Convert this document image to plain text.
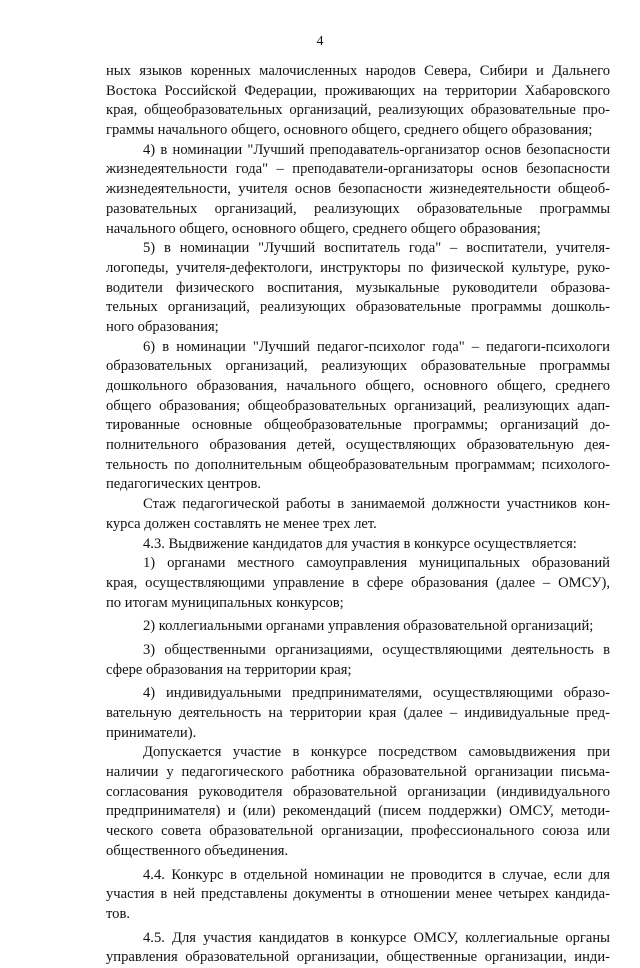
4
ных языков коренных малочисленных народов Севера, Сибири и Дальнего
Востока Российской Федерации, проживающих на территории Хабаровского
края, общеобразовательных организаций, реализующих образовательные про-
граммы начального общего, основного общего, среднего общего образования;
4) в номинации "Лучший преподаватель-организатор основ безопасности
жизнедеятельности года" – преподаватели-организаторы основ безопасности
жизнедеятельности, учителя основ безопасности жизнедеятельности общеоб-
разовательных организаций, реализующих образовательные программы
начального общего, основного общего, среднего общего образования;
5) в номинации "Лучший воспитатель года" – воспитатели, учителя-
логопеды, учителя-дефектологи, инструкторы по физической культуре, руко-
водители физического воспитания, музыкальные руководители образова-
тельных организаций, реализующих образовательные программы дошколь-
ного образования;
6) в номинации "Лучший педагог-психолог года" – педагоги-психологи
образовательных организаций, реализующих образовательные программы
дошкольного образования, начального общего, основного общего, среднего
общего образования; общеобразовательных организаций, реализующих адап-
тированные основные общеобразовательные программы; организаций до-
полнительного образования детей, осуществляющих образовательную дея-
тельность по дополнительным общеобразовательным программам; психолого-
педагогических центров.
Стаж педагогической работы в занимаемой должности участников кон-
курса должен составлять не менее трех лет.
4.3. Выдвижение кандидатов для участия в конкурсе осуществляется:
1) органами местного самоуправления муниципальных образований
края, осуществляющими управление в сфере образования (далее – ОМСУ),
по итогам муниципальных конкурсов;
2) коллегиальными органами управления образовательной организаций;
3) общественными организациями, осуществляющими деятельность в
сфере образования на территории края;
4) индивидуальными предпринимателями, осуществляющими образо-
вательную деятельность на территории края (далее – индивидуальные пред-
приниматели).
Допускается участие в конкурсе посредством самовыдвижения при
наличии у педагогического работника образовательной организации письма-
согласования руководителя образовательной организации (индивидуального
предпринимателя) и (или) рекомендаций (писем поддержки) ОМСУ, методи-
ческого совета образовательной организации, профессионального союза или
общественного объединения.
4.4. Конкурс в отдельной номинации не проводится в случае, если для
участия в ней представлены документы в отношении менее четырех кандида-
тов.
4.5. Для участия кандидатов в конкурсе ОМСУ, коллегиальные органы
управления образовательной организации, общественные организации, инди-
